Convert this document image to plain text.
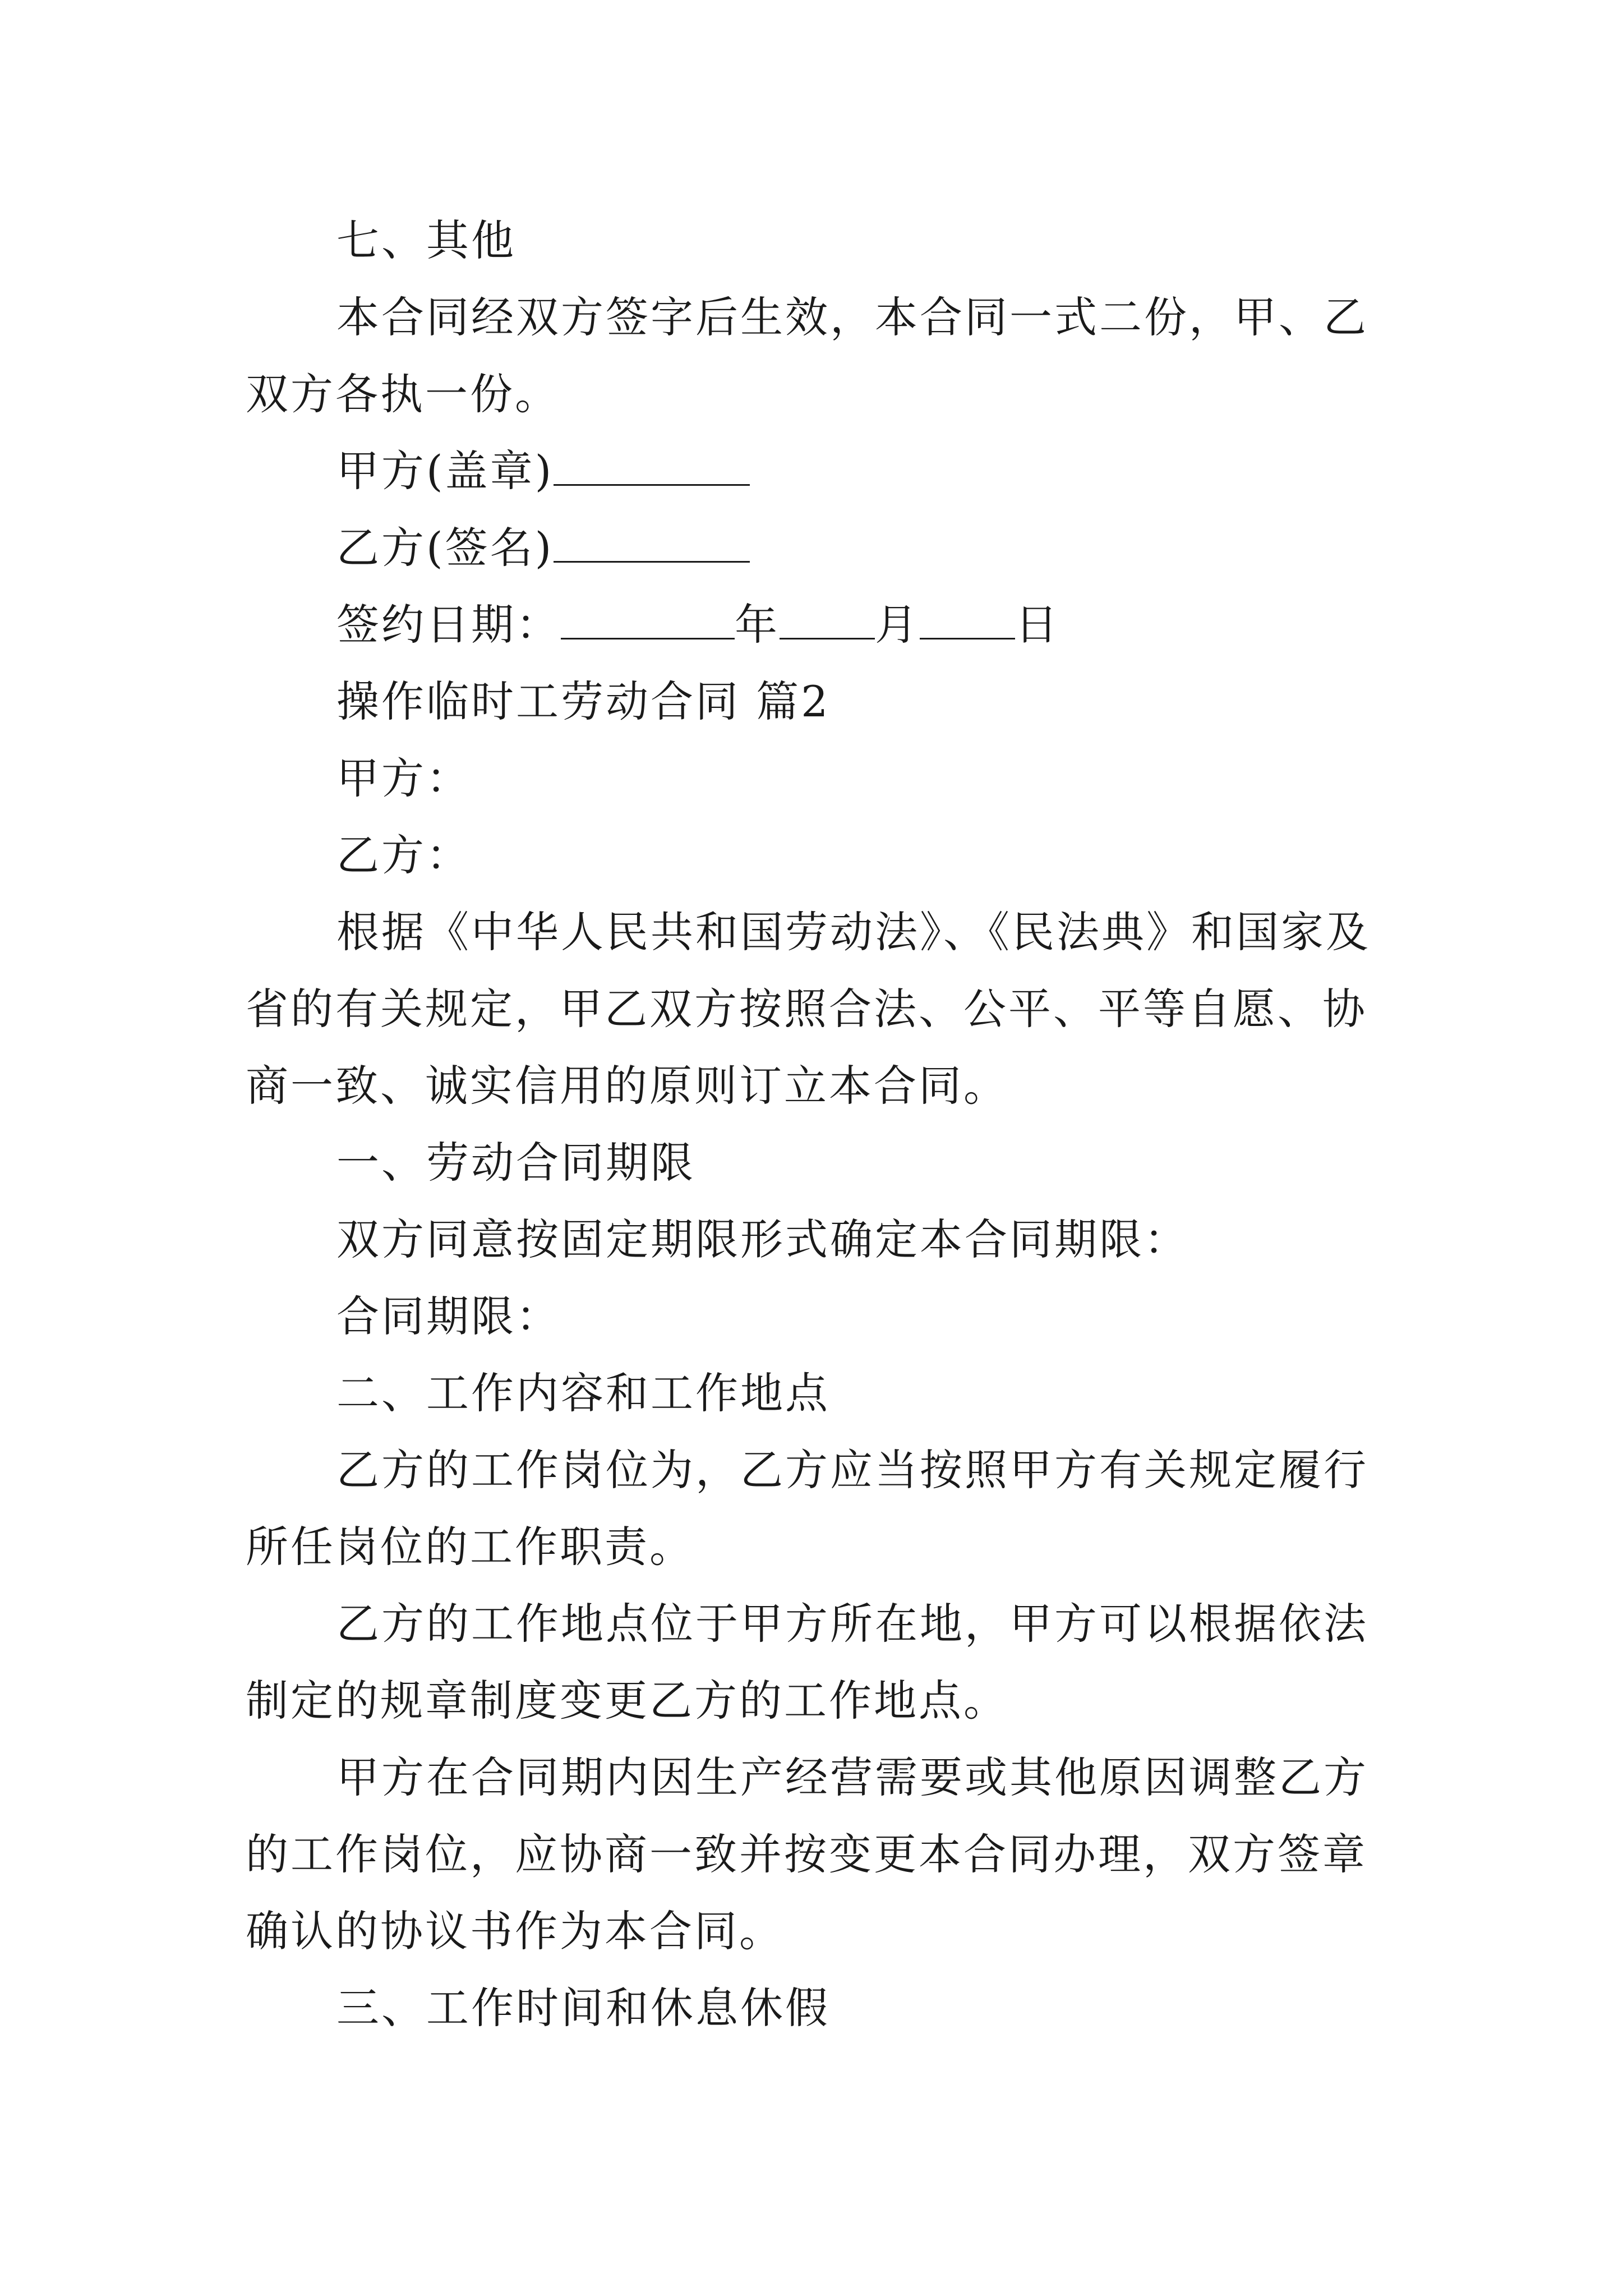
七、其他

本合同经双方签字后生效，本合同一式二份，甲、乙双方各执一份。

甲方(盖章)

乙方(签名)

签约日期：	年 月 日

操作临时工劳动合同 篇2

甲方：

乙方：

根据《中华人民共和国劳动法》、《民法典》和国家及省的有关规定，甲乙双方按照合法、公平、平等自愿、协商一致、诚实信用的原则订立本合同。

一、劳动合同期限

双方同意按固定期限形式确定本合同期限：

合同期限：

二、工作内容和工作地点

乙方的工作岗位为，乙方应当按照甲方有关规定履行所任岗位的工作职责。

乙方的工作地点位于甲方所在地，甲方可以根据依法制定的规章制度变更乙方的工作地点。

甲方在合同期内因生产经营需要或其他原因调整乙方的工作岗位，应协商一致并按变更本合同办理，双方签章确认的协议书作为本合同。

三、工作时间和休息休假
